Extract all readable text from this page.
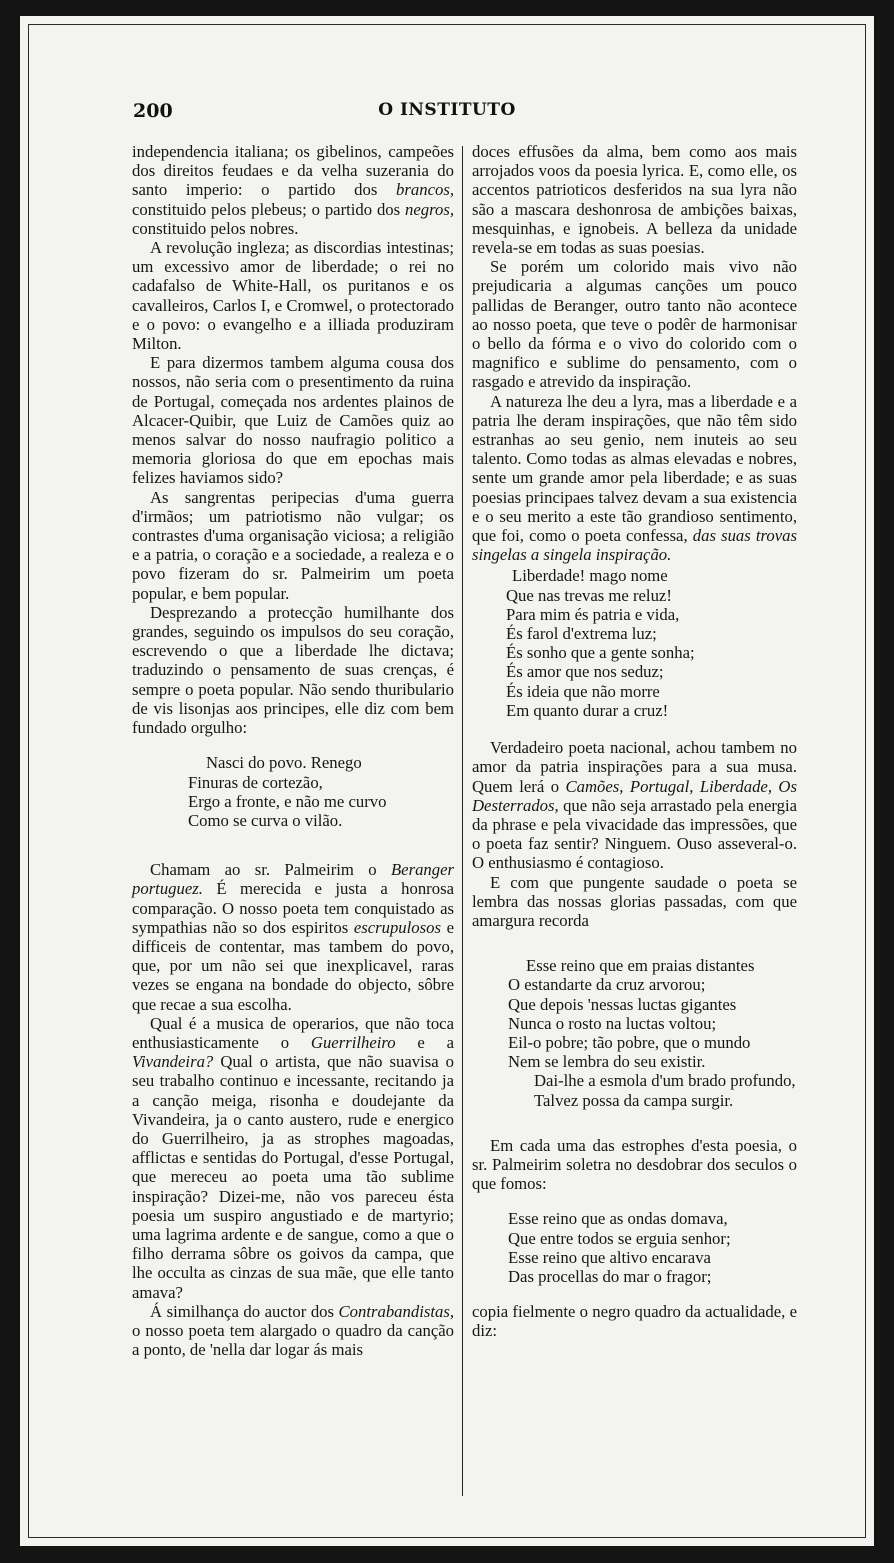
200	O INSTITUTO

independencia italiana; os gibelinos, campeões dos direitos feudaes e da velha suzerania do santo imperio: o partido dos brancos, constituido pelos plebeus; o partido dos negros, constituido pelos nobres.

A revolução ingleza; as discordias intestinas; um excessivo amor de liberdade; o rei no cadafalso de White-Hall, os puritanos e os cavalleiros, Carlos I, e Cromwel, o protectorado e o povo: o evangelho e a illiada produziram Milton.

E para dizermos tambem alguma cousa dos nossos, não seria com o presentimento da ruina de Portugal, começada nos ardentes plainos de Alcacer-Quibir, que Luiz de Camões quiz ao menos salvar do nosso naufragio politico a memoria gloriosa do que em epochas mais felizes haviamos sido?

As sangrentas peripecias d'uma guerra d'irmãos; um patriotismo não vulgar; os contrastes d'uma organisação viciosa; a religião e a patria, o coração e a sociedade, a realeza e o povo fizeram do sr. Palmeirim um poeta popular, e bem popular.

Desprezando a protecção humilhante dos grandes, seguindo os impulsos do seu coração, escrevendo o que a liberdade lhe dictava; traduzindo o pensamento de suas crenças, é sempre o poeta popular. Não sendo thuribulario de vis lisonjas aos principes, elle diz com bem fundado orgulho:

Nasci do povo. Renego
Finuras de cortezão,
Ergo a fronte, e não me curvo
Como se curva o vilão.

Chamam ao sr. Palmeirim o Beranger portuguez. É merecida e justa a honrosa comparação. O nosso poeta tem conquistado as sympathias não so dos espiritos escrupulosos e difficeis de contentar, mas tambem do povo, que, por um não sei que inexplicavel, raras vezes se engana na bondade do objecto, sôbre que recae a sua escolha.

Qual é a musica de operarios, que não toca enthusiasticamente o Guerrilheiro e a Vivandeira? Qual o artista, que não suavisa o seu trabalho continuo e incessante, recitando ja a canção meiga, risonha e doudejante da Vivandeira, ja o canto austero, rude e energico do Guerrilheiro, ja as strophes magoadas, afflictas e sentidas do Portugal, d'esse Portugal, que mereceu ao poeta uma tão sublime inspiração? Dizei-me, não vos pareceu ésta poesia um suspiro angustiado e de martyrio; uma lagrima ardente e de sangue, como a que o filho derrama sôbre os goivos da campa, que lhe occulta as cinzas de sua mãe, que elle tanto amava?

Á similhança do auctor dos Contrabandistas, o nosso poeta tem alargado o quadro da canção a ponto, de 'nella dar logar ás mais

doces effusões da alma, bem como aos mais arrojados voos da poesia lyrica. E, como elle, os accentos patrioticos desferidos na sua lyra não são a mascara deshonrosa de ambições baixas, mesquinhas, e ignobeis. A belleza da unidade revela-se em todas as suas poesias.

Se porém um colorido mais vivo não prejudicaria a algumas canções um pouco pallidas de Beranger, outro tanto não acontece ao nosso poeta, que teve o podêr de harmonisar o bello da fórma e o vivo do colorido com o magnifico e sublime do pensamento, com o rasgado e atrevido da inspiração.

A natureza lhe deu a lyra, mas a liberdade e a patria lhe deram inspirações, que não têm sido estranhas ao seu genio, nem inuteis ao seu talento. Como todas as almas elevadas e nobres, sente um grande amor pela liberdade; e as suas poesias principaes talvez devam a sua existencia e o seu merito a este tão grandioso sentimento, que foi, como o poeta confessa, das suas trovas singelas a singela inspiração.

Liberdade! mago nome
Que nas trevas me reluz!
Para mim és patria e vida,
És farol d'extrema luz;
És sonho que a gente sonha;
És amor que nos seduz;
És ideia que não morre
Em quanto durar a cruz!

Verdadeiro poeta nacional, achou tambem no amor da patria inspirações para a sua musa. Quem lerá o Camões, Portugal, Liberdade, Os Desterrados, que não seja arrastado pela energia da phrase e pela vivacidade das impressões, que o poeta faz sentir? Ninguem. Ouso asseveral-o. O enthusiasmo é contagioso.

E com que pungente saudade o poeta se lembra das nossas glorias passadas, com que amargura recorda

Esse reino que em praias distantes
O estandarte da cruz arvorou;
Que depois 'nessas luctas gigantes
Nunca o rosto na luctas voltou;
Eil-o pobre; tão pobre, que o mundo
Nem se lembra do seu existir.
Dai-lhe a esmola d'um brado profundo,
Talvez possa da campa surgir.

Em cada uma das estrophes d'esta poesia, o sr. Palmeirim soletra no desdobrar dos seculos o que fomos:

Esse reino que as ondas domava,
Que entre todos se erguia senhor;
Esse reino que altivo encarava
Das procellas do mar o fragor;

copia fielmente o negro quadro da actualidade, e diz:
